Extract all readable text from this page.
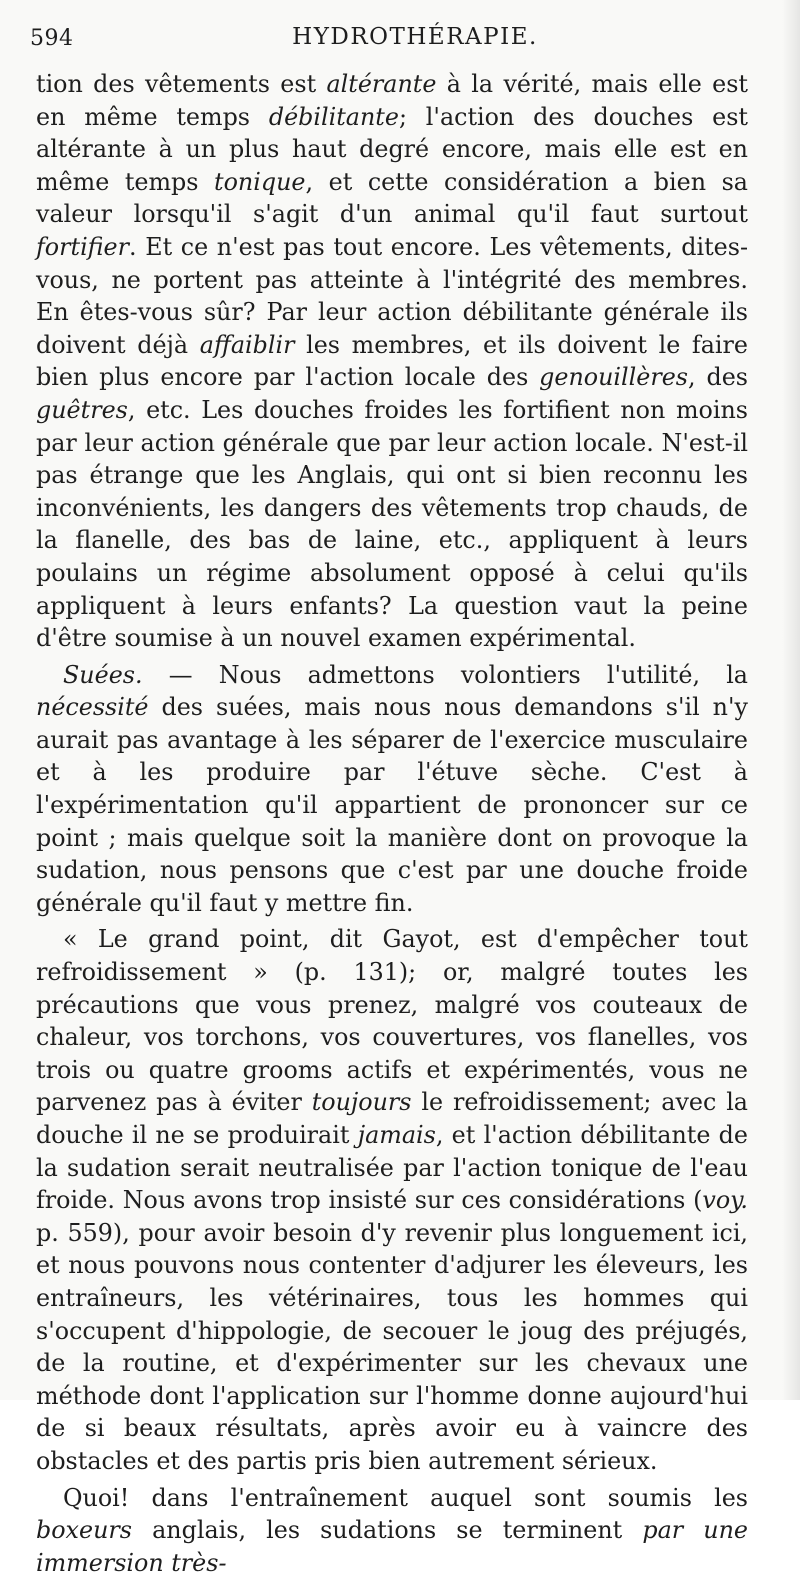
594	HYDROTHÉRAPIE.

tion des vêtements est altérante à la vérité, mais elle est en même temps débilitante; l'action des douches est altérante à un plus haut degré encore, mais elle est en même temps tonique, et cette considération a bien sa valeur lorsqu'il s'agit d'un animal qu'il faut surtout fortifier. Et ce n'est pas tout encore. Les vêtements, dites-vous, ne portent pas atteinte à l'intégrité des membres. En êtes-vous sûr? Par leur action débilitante générale ils doivent déjà affaiblir les membres, et ils doivent le faire bien plus encore par l'action locale des genouillères, des guêtres, etc. Les douches froides les fortifient non moins par leur action générale que par leur action locale. N'est-il pas étrange que les Anglais, qui ont si bien reconnu les inconvénients, les dangers des vêtements trop chauds, de la flanelle, des bas de laine, etc., appliquent à leurs poulains un régime absolument opposé à celui qu'ils appliquent à leurs enfants? La question vaut la peine d'être soumise à un nouvel examen expérimental.

Suées. — Nous admettons volontiers l'utilité, la nécessité des suées, mais nous nous demandons s'il n'y aurait pas avantage à les séparer de l'exercice musculaire et à les produire par l'étuve sèche. C'est à l'expérimentation qu'il appartient de prononcer sur ce point ; mais quelque soit la manière dont on provoque la sudation, nous pensons que c'est par une douche froide générale qu'il faut y mettre fin.

« Le grand point, dit Gayot, est d'empêcher tout refroidissement » (p. 131); or, malgré toutes les précautions que vous prenez, malgré vos couteaux de chaleur, vos torchons, vos couvertures, vos flanelles, vos trois ou quatre grooms actifs et expérimentés, vous ne parvenez pas à éviter toujours le refroidissement; avec la douche il ne se produirait jamais, et l'action débilitante de la sudation serait neutralisée par l'action tonique de l'eau froide. Nous avons trop insisté sur ces considérations (voy. p. 559), pour avoir besoin d'y revenir plus longuement ici, et nous pouvons nous contenter d'adjurer les éleveurs, les entraîneurs, les vétérinaires, tous les hommes qui s'occupent d'hippologie, de secouer le joug des préjugés, de la routine, et d'expérimenter sur les chevaux une méthode dont l'application sur l'homme donne aujourd'hui de si beaux résultats, après avoir eu à vaincre des obstacles et des partis pris bien autrement sérieux.

Quoi! dans l'entraînement auquel sont soumis les boxeurs anglais, les sudations se terminent par une immersion très-
